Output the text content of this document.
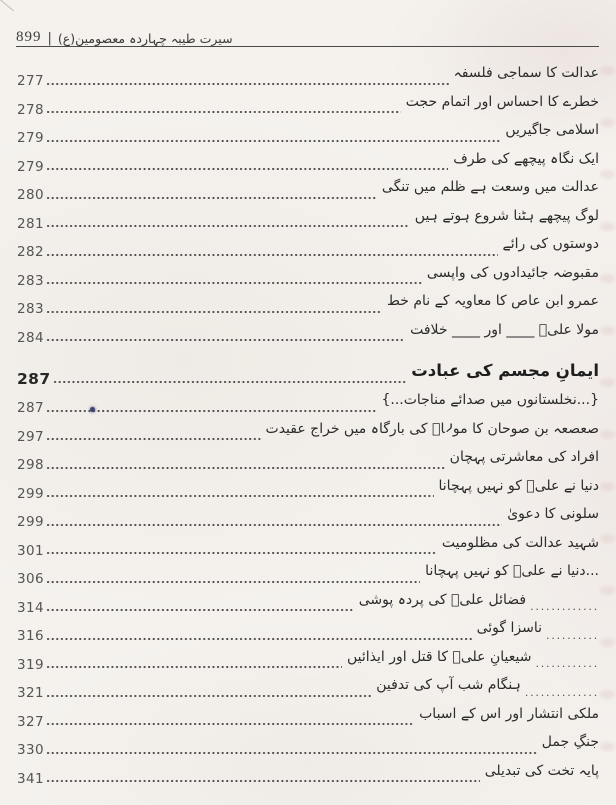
899 | سیرت طیبہ چہاردہ معصومین(ع)
277	عدالت کا سماجی فلسفہ
278	خطرے کا احساس اور اتمام حجت
279	اسلامی جاگیریں
279	ایک نگاہ پیچھے کی طرف
280	عدالت میں وسعت ہے ظلم میں تنگی
281	لوگ پیچھے ہٹنا شروع ہوتے ہیں
282	دوستوں کی رائے
283	مقبوضہ جائیدادوں کی واپسی
283	عمرو ابن عاص کا معاویہ کے نام خط
284	مولا علیؑ ____ اور ____ خلافت
287	ایمانِ مجسم کی عبادت
287	{...نخلستانوں میں صدائے مناجات...}
297	صعصعہ بن صوحان کا مولاؑ کی بارگاہ میں خراج عقیدت
298	افراد کی معاشرتی پہچان
299	دنیا نے علیؑ کو نہیں پہچانا
299	سلونی کا دعویٰ
301	شہید عدالت کی مظلومیت
306	...دنیا نے علیؑ کو نہیں پہچانا
314	فضائل علیؑ کی پردہ پوشی .............
316	ناسزا گوئی ..........
319	شیعیانِ علیؑ کا قتل اور ایذائیں ............
321	ہنگام شب آپ کی تدفین ..............
327	ملکی انتشار اور اس کے اسباب
330	جنگِ جمل
341	پایہ تخت کی تبدیلی
